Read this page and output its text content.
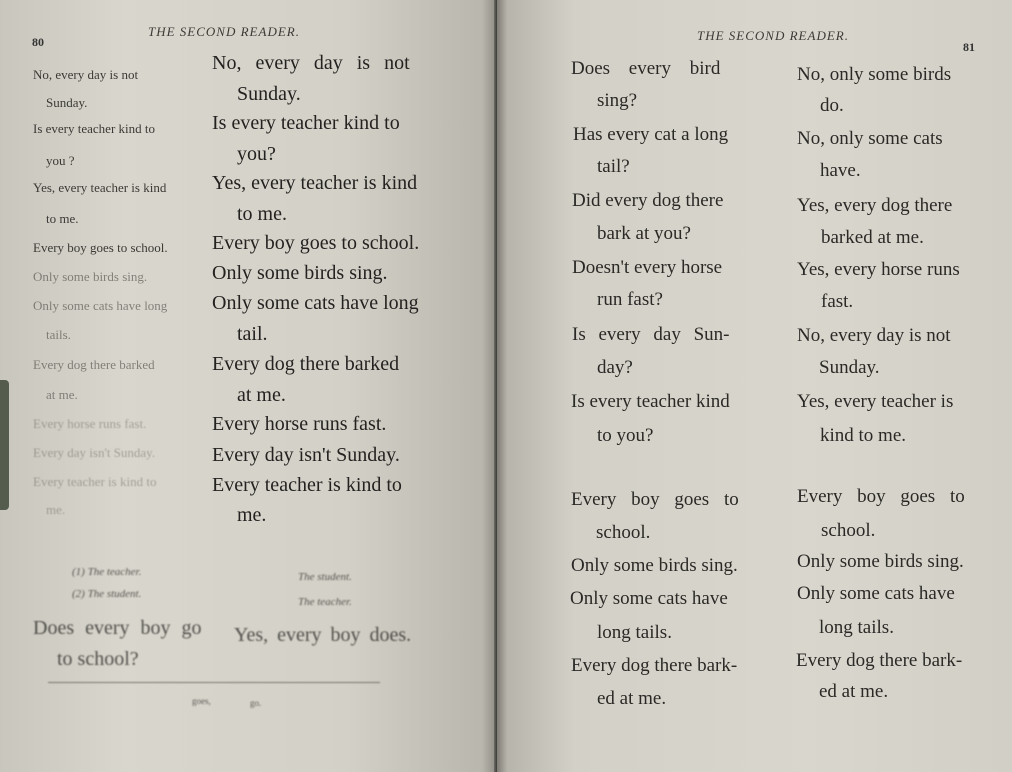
80
THE SECOND READER.
No, every day is not
Sunday.
Is every teacher kind to
you ?
Yes, every teacher is kind
to me.
Every boy goes to school.
Only some birds sing.
Only some cats have long
tails.
Every dog there barked
at me.
Every horse runs fast.
Every day isn't Sunday.
Every teacher is kind to
me.
No, every day is not
Sunday.
Is every teacher kind to
you?
Yes, every teacher is kind
to me.
Every boy goes to school.
Only some birds sing.
Only some cats have long
tail.
Every dog there barked
at me.
Every horse runs fast.
Every day isn't Sunday.
Every teacher is kind to
me.
(1) The teacher.
(2) The student.
The student.
The teacher.
Does every boy go
to school?
Yes, every boy does.
goes,	go.
THE SECOND READER.
81
Does every bird
sing?
Has every cat a long
tail?
Did every dog there
bark at you?
Doesn't every horse
run fast?
Is every day Sun-
day?
Is every teacher kind
to you?
Every boy goes to
school.
Only some birds sing.
Only some cats have
long tails.
Every dog there bark-
ed at me.
No, only some birds
do.
No, only some cats
have.
Yes, every dog there
barked at me.
Yes, every horse runs
fast.
No, every day is not
Sunday.
Yes, every teacher is
kind to me.
Every boy goes to
school.
Only some birds sing.
Only some cats have
long tails.
Every dog there bark-
ed at me.
